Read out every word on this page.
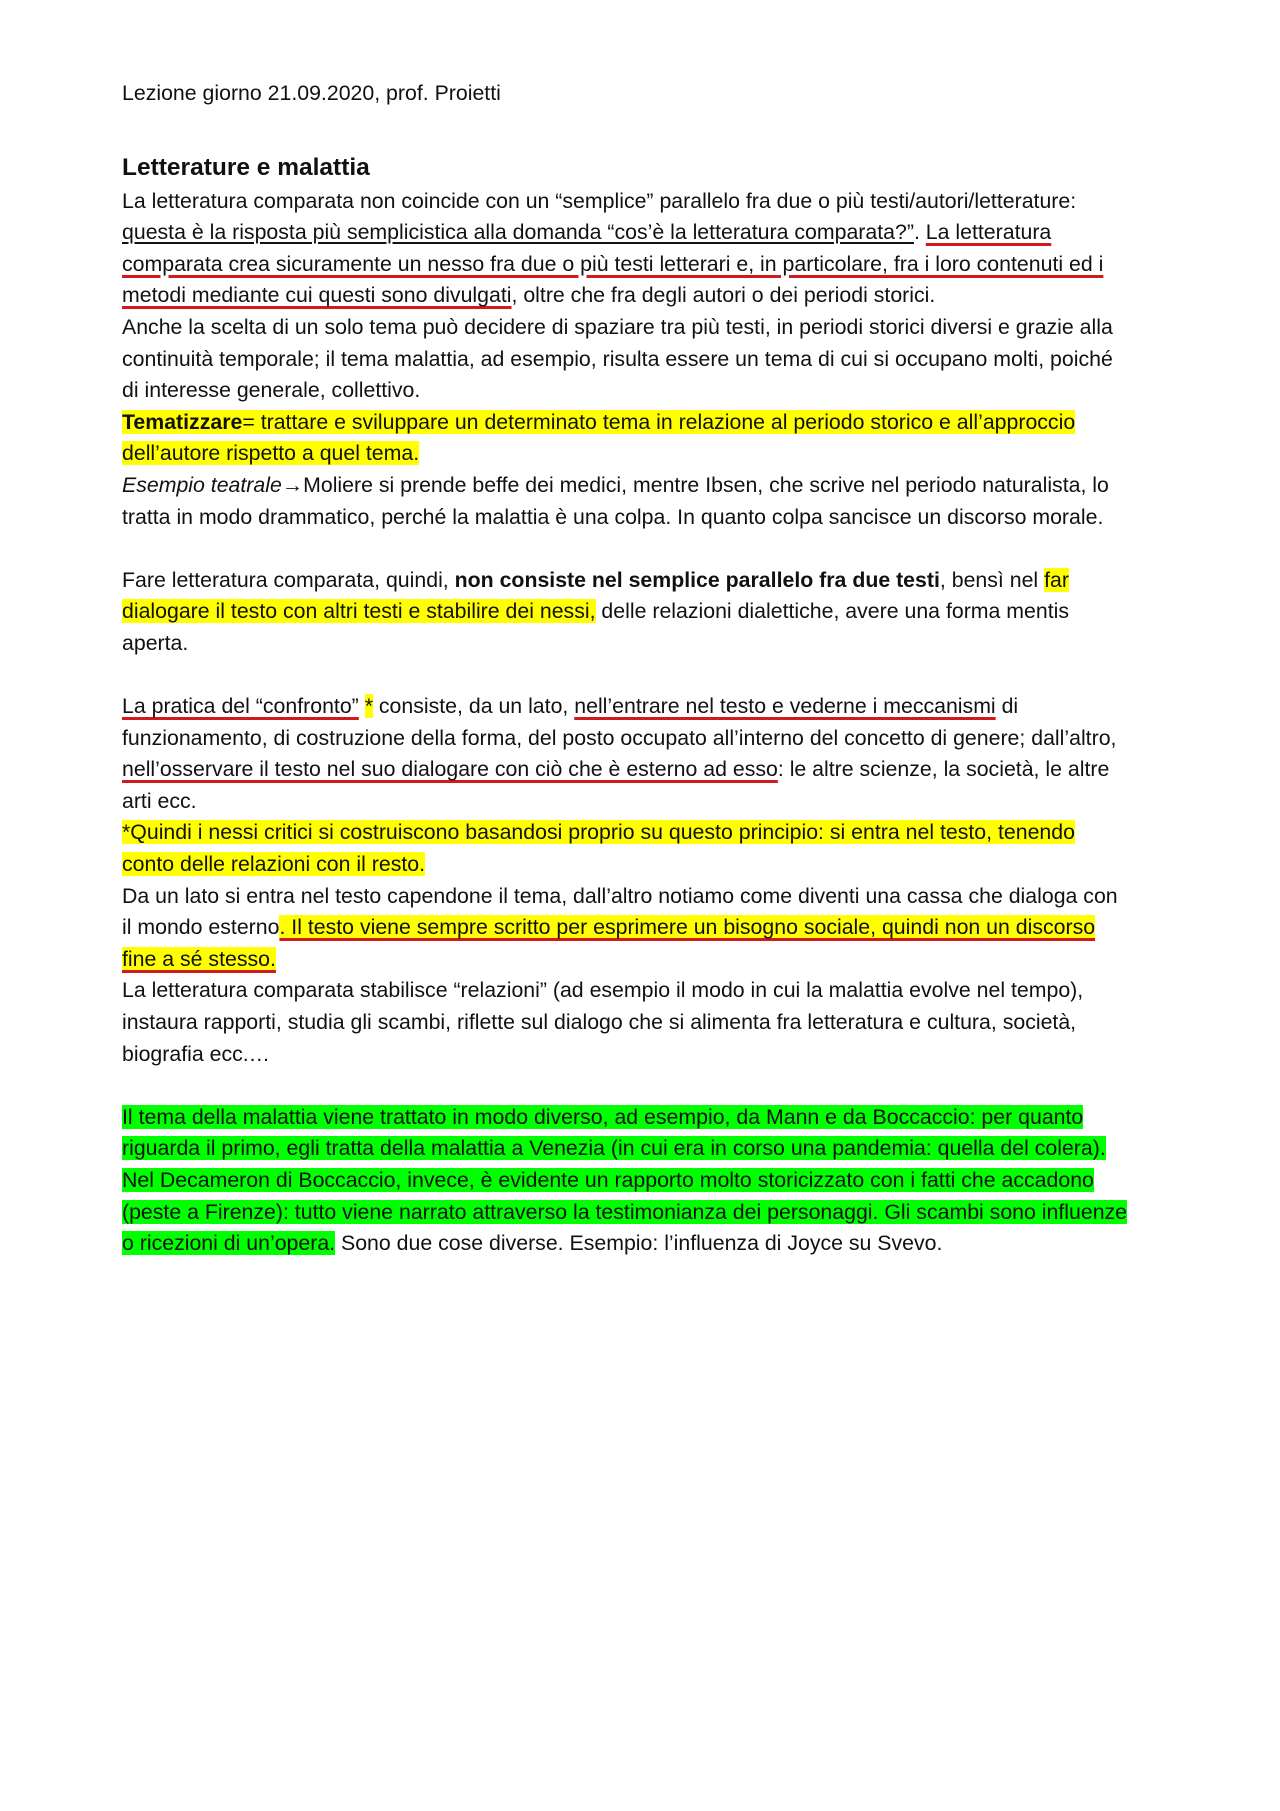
Lezione giorno 21.09.2020, prof. Proietti

Letterature e malattia

La letteratura comparata non coincide con un “semplice” parallelo fra due o più testi/autori/letterature: questa è la risposta più semplicistica alla domanda “cos’è la letteratura comparata?”. La letteratura comparata crea sicuramente un nesso fra due o più testi letterari e, in particolare, fra i loro contenuti ed i metodi mediante cui questi sono divulgati, oltre che fra degli autori o dei periodi storici.

Anche la scelta di un solo tema può decidere di spaziare tra più testi, in periodi storici diversi e grazie alla continuità temporale; il tema malattia, ad esempio, risulta essere un tema di cui si occupano molti, poiché di interesse generale, collettivo.

Tematizzare= trattare e sviluppare un determinato tema in relazione al periodo storico e all’approccio dell’autore rispetto a quel tema.

Esempio teatrale→Moliere si prende beffe dei medici, mentre Ibsen, che scrive nel periodo naturalista, lo tratta in modo drammatico, perché la malattia è una colpa. In quanto colpa sancisce un discorso morale.

Fare letteratura comparata, quindi, non consiste nel semplice parallelo fra due testi, bensì nel far dialogare il testo con altri testi e stabilire dei nessi, delle relazioni dialettiche, avere una forma mentis aperta.

La pratica del “confronto” * consiste, da un lato, nell’entrare nel testo e vederne i meccanismi di funzionamento, di costruzione della forma, del posto occupato all’interno del concetto di genere; dall’altro, nell’osservare il testo nel suo dialogare con ciò che è esterno ad esso: le altre scienze, la società, le altre arti ecc.

*Quindi i nessi critici si costruiscono basandosi proprio su questo principio: si entra nel testo, tenendo conto delle relazioni con il resto.

Da un lato si entra nel testo capendone il tema, dall’altro notiamo come diventi una cassa che dialoga con il mondo esterno. Il testo viene sempre scritto per esprimere un bisogno sociale, quindi non un discorso fine a sé stesso.

La letteratura comparata stabilisce “relazioni” (ad esempio il modo in cui la malattia evolve nel tempo), instaura rapporti, studia gli scambi, riflette sul dialogo che si alimenta fra letteratura e cultura, società, biografia ecc.…

Il tema della malattia viene trattato in modo diverso, ad esempio, da Mann e da Boccaccio: per quanto riguarda il primo, egli tratta della malattia a Venezia (in cui era in corso una pandemia: quella del colera). Nel Decameron di Boccaccio, invece, è evidente un rapporto molto storicizzato con i fatti che accadono (peste a Firenze): tutto viene narrato attraverso la testimonianza dei personaggi. Gli scambi sono influenze o ricezioni di un’opera. Sono due cose diverse. Esempio: l’influenza di Joyce su Svevo.
